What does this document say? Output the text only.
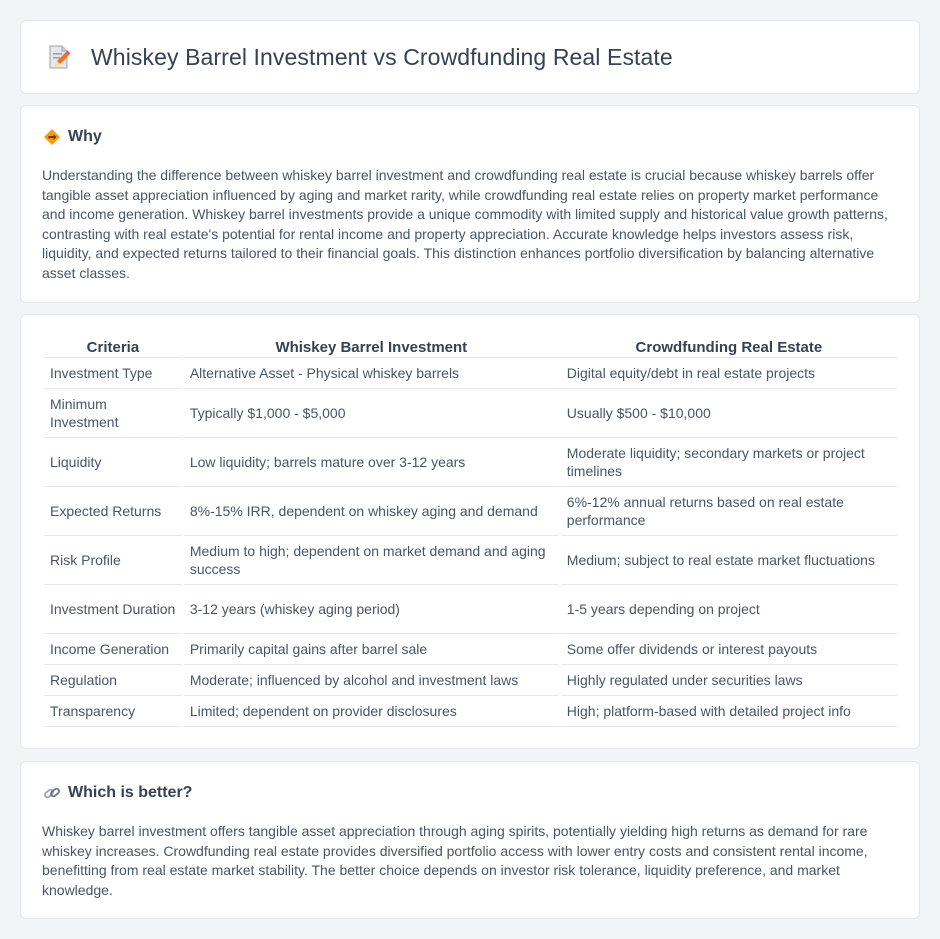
Whiskey Barrel Investment vs Crowdfunding Real Estate
Why

Understanding the difference between whiskey barrel investment and crowdfunding real estate is crucial because whiskey barrels offer tangible asset appreciation influenced by aging and market rarity, while crowdfunding real estate relies on property market performance and income generation. Whiskey barrel investments provide a unique commodity with limited supply and historical value growth patterns, contrasting with real estate's potential for rental income and property appreciation. Accurate knowledge helps investors assess risk, liquidity, and expected returns tailored to their financial goals. This distinction enhances portfolio diversification by balancing alternative asset classes.

Criteria	Whiskey Barrel Investment	Crowdfunding Real Estate
Investment Type	Alternative Asset - Physical whiskey barrels	Digital equity/debt in real estate projects
Minimum Investment	Typically $1,000 - $5,000	Usually $500 - $10,000
Liquidity	Low liquidity; barrels mature over 3-12 years	Moderate liquidity; secondary markets or project timelines
Expected Returns	8%-15% IRR, dependent on whiskey aging and demand	6%-12% annual returns based on real estate performance
Risk Profile	Medium to high; dependent on market demand and aging success	Medium; subject to real estate market fluctuations
Investment Duration	3-12 years (whiskey aging period)	1-5 years depending on project
Income Generation	Primarily capital gains after barrel sale	Some offer dividends or interest payouts
Regulation	Moderate; influenced by alcohol and investment laws	Highly regulated under securities laws
Transparency	Limited; dependent on provider disclosures	High; platform-based with detailed project info
Which is better?

Whiskey barrel investment offers tangible asset appreciation through aging spirits, potentially yielding high returns as demand for rare whiskey increases. Crowdfunding real estate provides diversified portfolio access with lower entry costs and consistent rental income, benefitting from real estate market stability. The better choice depends on investor risk tolerance, liquidity preference, and market knowledge.
